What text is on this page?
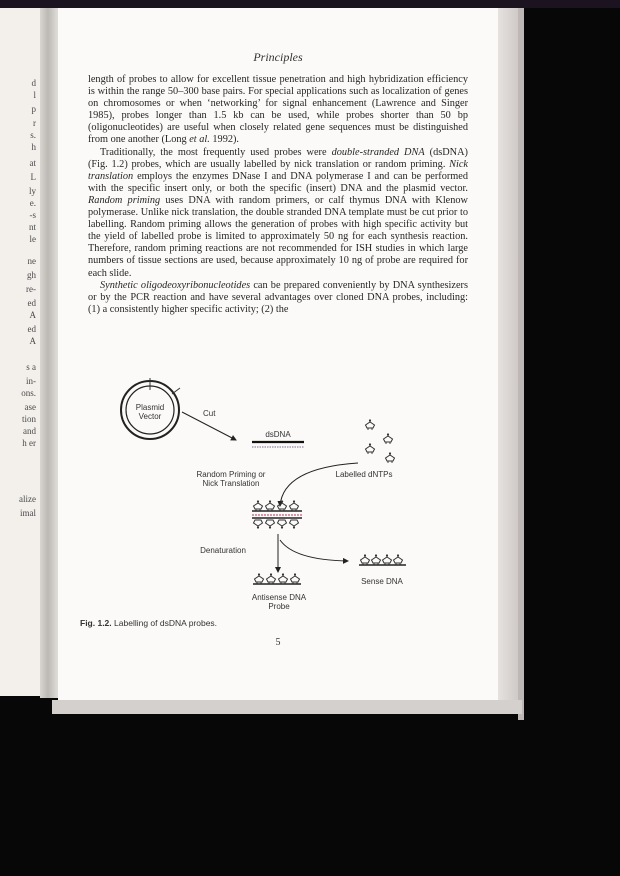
d
l
p
r
s.
h
at
L
ly
e.
-s
nt
le
ne
gh
re-
ed
A
ed
A
s a
in-
ons.
ase
tion
and
h er
alize
imal

Principles

length of probes to allow for excellent tissue penetration and high hybridization efficiency is within the range 50–300 base pairs. For special applications such as localization of genes on chromosomes or when ‘networking’ for signal enhancement (Lawrence and Singer 1985), probes longer than 1.5 kb can be used, while probes shorter than 50 bp (oligonucleotides) are useful when closely related gene sequences must be distinguished from one another (Long et al. 1992).

Traditionally, the most frequently used probes were double-stranded DNA (dsDNA) (Fig. 1.2) probes, which are usually labelled by nick translation or random priming. Nick translation employs the enzymes DNase I and DNA polymerase I and can be performed with the specific insert only, or both the specific (insert) DNA and the plasmid vector. Random priming uses DNA with random primers, or calf thymus DNA with Klenow polymerase. Unlike nick translation, the double stranded DNA template must be cut prior to labelling. Random priming allows the generation of probes with high specific activity but the yield of labelled probe is limited to approximately 50 ng for each synthesis reaction. Therefore, random priming reactions are not recommended for ISH studies in which large numbers of tissue sections are used, because approximately 10 ng of probe are required for each slide.

Synthetic oligodeoxyribonucleotides can be prepared conveniently by DNA synthesizers or by the PCR reaction and have several advantages over cloned DNA probes, including: (1) a consistently higher specific activity; (2) the

Plasmid
Vector	Cut
dsDNA
Random Priming or
Nick Translation
Labelled dNTPs
Denaturation
Sense DNA
Antisense DNA
Probe

Fig. 1.2. Labelling of dsDNA probes.

5
